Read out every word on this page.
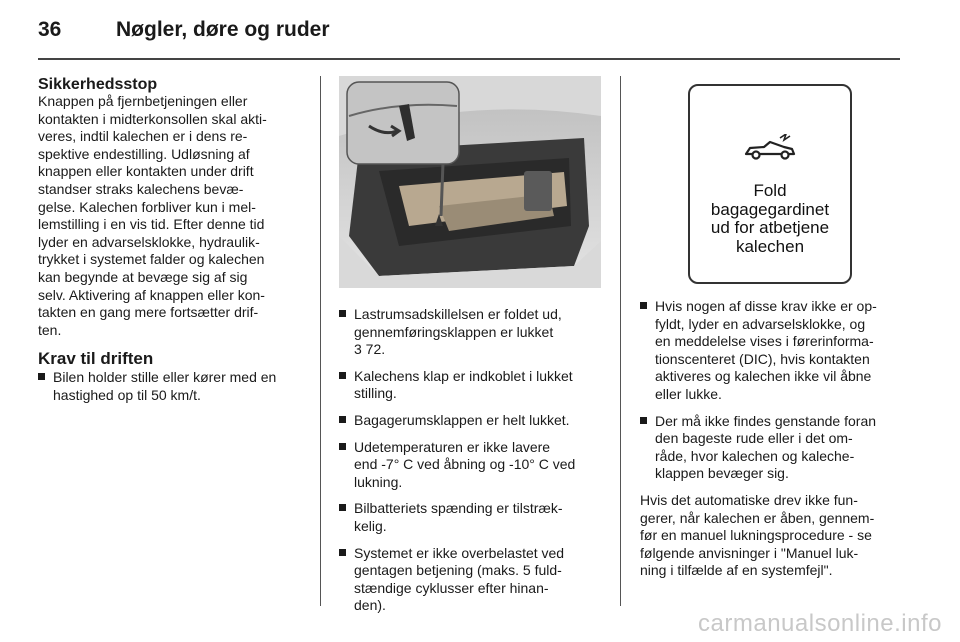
36	Nøgler, døre og ruder
Sikkerhedsstop

Knappen på fjernbetjeningen eller
kontakten i midterkonsollen skal akti-
veres, indtil kalechen er i dens re-
spektive endestilling. Udløsning af
knappen eller kontakten under drift
standser straks kalechens bevæ-
gelse. Kalechen forbliver kun i mel-
lemstilling i en vis tid. Efter denne tid
lyder en advarselsklokke, hydraulik-
trykket i systemet falder og kalechen
kan begynde at bevæge sig af sig
selv. Aktivering af knappen eller kon-
takten en gang mere fortsætter drif-
ten.

Krav til driften
Bilen holder stille eller kører med en
hastighed op til 50 km/t.
Lastrumsadskillelsen er foldet ud,
gennemføringsklappen er lukket
3 72.
Kalechens klap er indkoblet i lukket
stilling.
Bagagerumsklappen er helt lukket.
Udetemperaturen er ikke lavere
end -7° C ved åbning og -10° C ved
lukning.
Bilbatteriets spænding er tilstræk-
kelig.
Systemet er ikke overbelastet ved
gentagen betjening (maks. 5 fuld-
stændige cyklusser efter hinan-
den).
Fold
bagagegardinet
ud for atbetjene
kalechen
Hvis nogen af disse krav ikke er op-
fyldt, lyder en advarselsklokke, og
en meddelelse vises i førerinforma-
tionscenteret (DIC), hvis kontakten
aktiveres og kalechen ikke vil åbne
eller lukke.
Der må ikke findes genstande foran
den bageste rude eller i det om-
råde, hvor kalechen og kaleche-
klappen bevæger sig.

Hvis det automatiske drev ikke fun-
gerer, når kalechen er åben, gennem-
før en manuel lukningsprocedure - se
følgende anvisninger i "Manuel luk-
ning i tilfælde af en systemfejl".

carmanualsonline.info
